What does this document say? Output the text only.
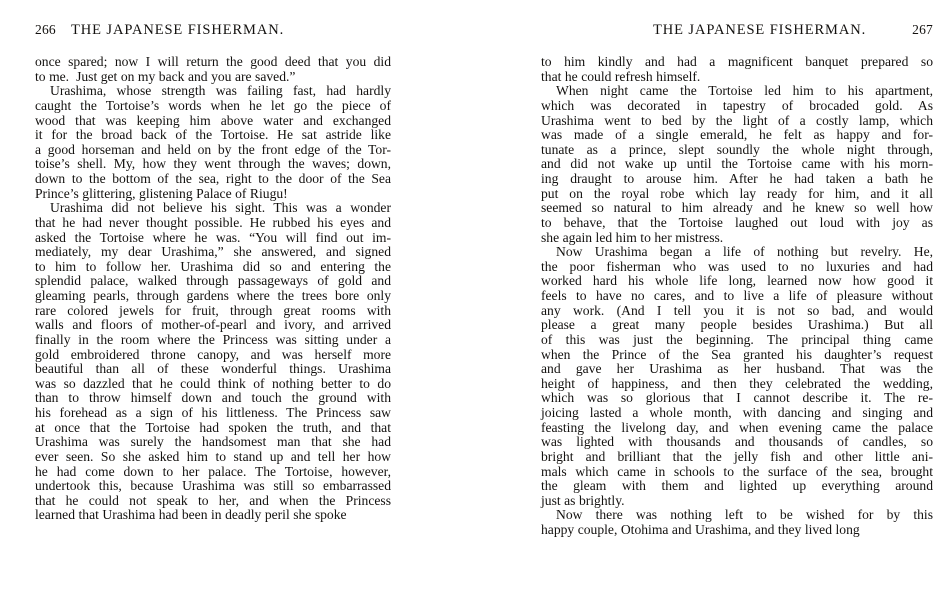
266 THE JAPANESE FISHERMAN.	THE JAPANESE FISHERMAN.	267

once spared; now I will return the good deed that you did
to me.  Just get on my back and you are saved.”

Urashima, whose strength was failing fast, had hardly
caught the Tortoise’s words when he let go the piece of
wood that was keeping him above water and exchanged
it for the broad back of the Tortoise. He sat astride like
a good horseman and held on by the front edge of the Tor-
toise’s shell. My, how they went through the waves; down,
down to the bottom of the sea, right to the door of the Sea
Prince’s glittering, glistening Palace of Riugu!

Urashima did not believe his sight. This was a wonder
that he had never thought possible. He rubbed his eyes and
asked the Tortoise where he was. “You will find out im-
mediately, my dear Urashima,” she answered, and signed
to him to follow her. Urashima did so and entering the
splendid palace, walked through passageways of gold and
gleaming pearls, through gardens where the trees bore only
rare colored jewels for fruit, through great rooms with
walls and floors of mother-of-pearl and ivory, and arrived
finally in the room where the Princess was sitting under a
gold embroidered throne canopy, and was herself more
beautiful than all of these wonderful things. Urashima
was so dazzled that he could think of nothing better to do
than to throw himself down and touch the ground with
his forehead as a sign of his littleness. The Princess saw
at once that the Tortoise had spoken the truth, and that
Urashima was surely the handsomest man that she had
ever seen. So she asked him to stand up and tell her how
he had come down to her palace. The Tortoise, however,
undertook this, because Urashima was still so embarrassed
that he could not speak to her, and when the Princess
learned that Urashima had been in deadly peril she spoke

to him kindly and had a magnificent banquet prepared so
that he could refresh himself.

When night came the Tortoise led him to his apartment,
which was decorated in tapestry of brocaded gold. As
Urashima went to bed by the light of a costly lamp, which
was made of a single emerald, he felt as happy and for-
tunate as a prince, slept soundly the whole night through,
and did not wake up until the Tortoise came with his morn-
ing draught to arouse him. After he had taken a bath he
put on the royal robe which lay ready for him, and it all
seemed so natural to him already and he knew so well how
to behave, that the Tortoise laughed out loud with joy as
she again led him to her mistress.

Now Urashima began a life of nothing but revelry. He,
the poor fisherman who was used to no luxuries and had
worked hard his whole life long, learned now how good it
feels to have no cares, and to live a life of pleasure without
any work. (And I tell you it is not so bad, and would
please a great many people besides Urashima.) But all
of this was just the beginning. The principal thing came
when the Prince of the Sea granted his daughter’s request
and gave her Urashima as her husband. That was the
height of happiness, and then they celebrated the wedding,
which was so glorious that I cannot describe it. The re-
joicing lasted a whole month, with dancing and singing and
feasting the livelong day, and when evening came the palace
was lighted with thousands and thousands of candles, so
bright and brilliant that the jelly fish and other little ani-
mals which came in schools to the surface of the sea, brought
the gleam with them and lighted up everything around
just as brightly.

Now there was nothing left to be wished for by this
happy couple, Otohima and Urashima, and they lived long
